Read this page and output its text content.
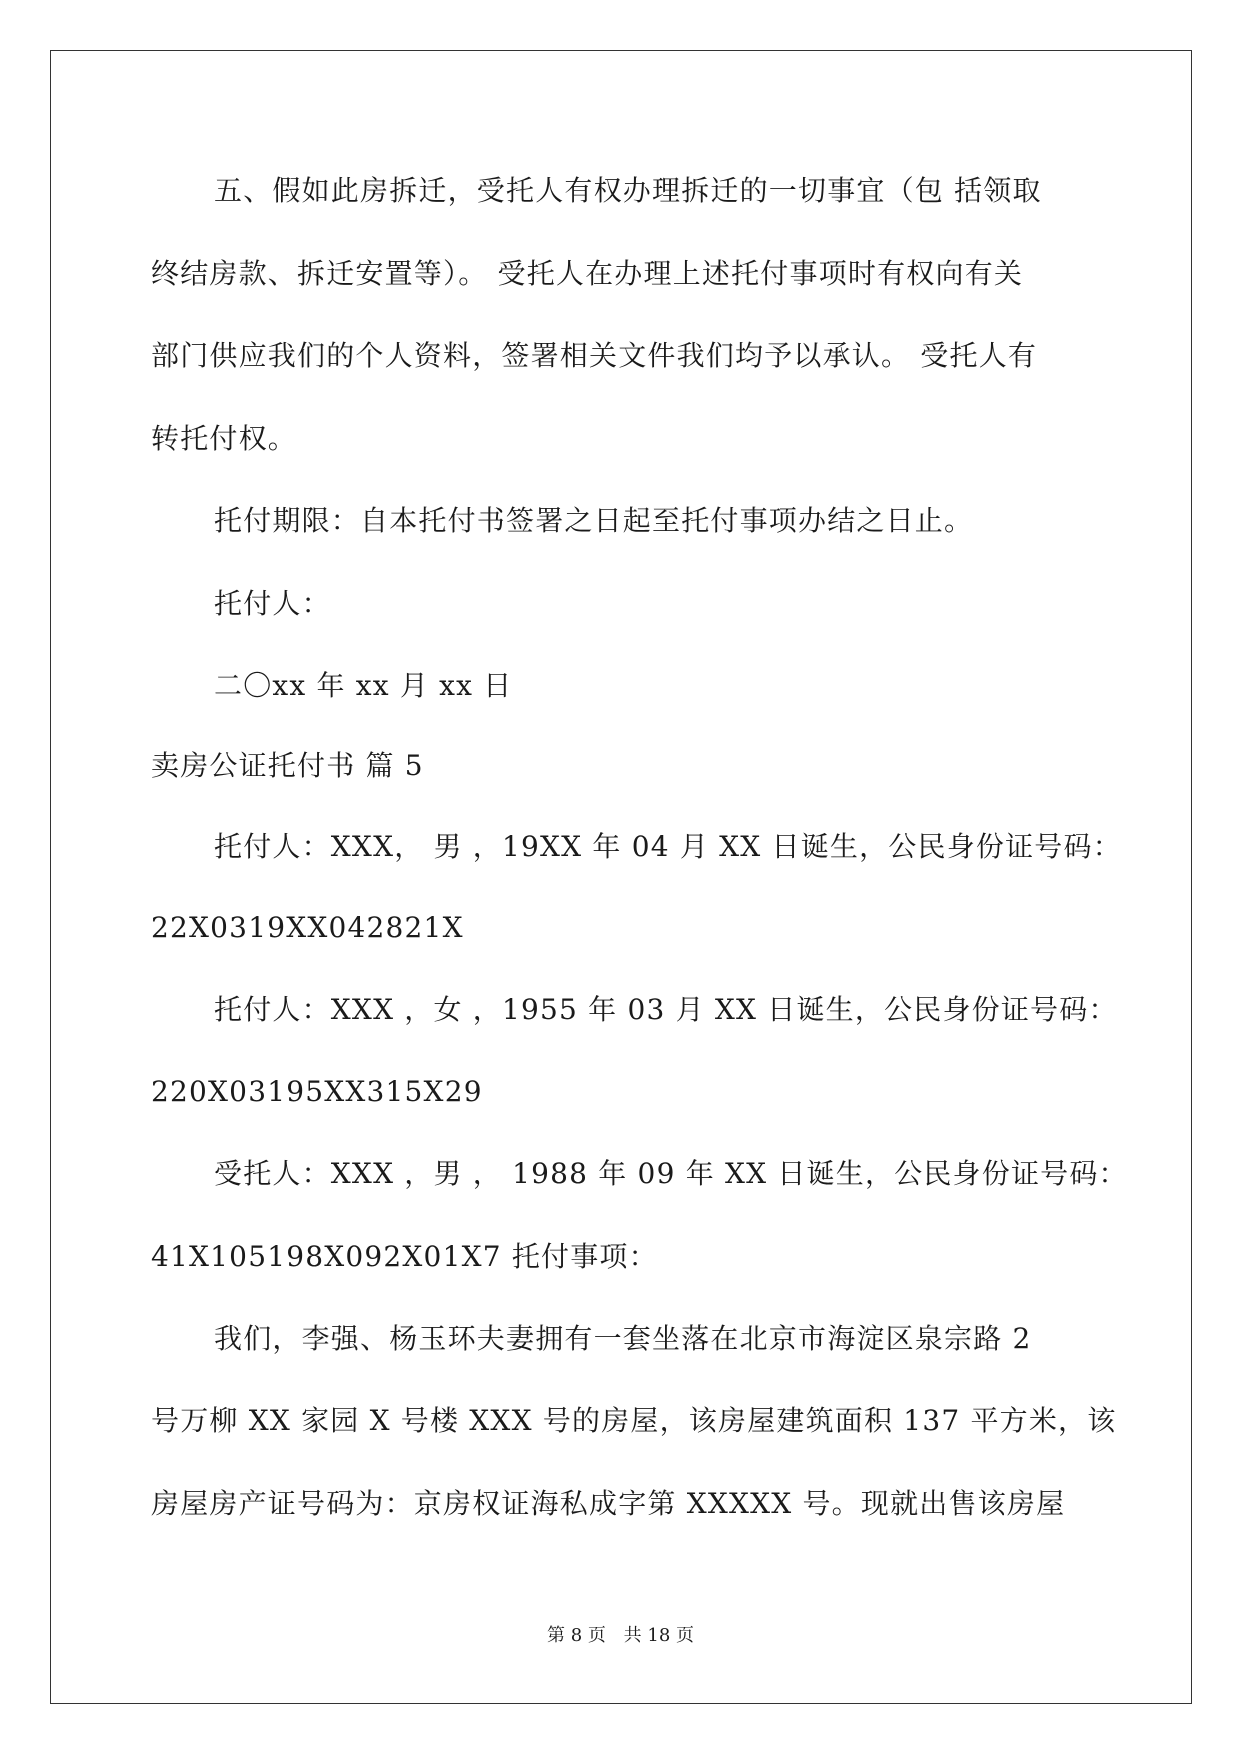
五、假如此房拆迁，受托人有权办理拆迁的一切事宜（包 括领取

终结房款、拆迁安置等）。 受托人在办理上述托付事项时有权向有关

部门供应我们的个人资料，签署相关文件我们均予以承认。 受托人有

转托付权。

托付期限：自本托付书签署之日起至托付事项办结之日止。

托付人：

二〇xx 年 xx 月 xx 日

卖房公证托付书 篇 5

托付人：XXX， 男 ，19XX 年 04 月 XX 日诞生，公民身份证号码：

22X0319XX042821X

托付人：XXX ，女 ，1955 年 03 月 XX 日诞生，公民身份证号码：

220X03195XX315X29

受托人：XXX ，男 ， 1988 年 09 年 XX 日诞生，公民身份证号码：

41X105198X092X01X7 托付事项：

我们，李强、杨玉环夫妻拥有一套坐落在北京市海淀区泉宗路 2

号万柳 XX 家园 X 号楼 XXX 号的房屋，该房屋建筑面积 137 平方米，该

房屋房产证号码为：京房权证海私成字第 XXXXX 号。现就出售该房屋

第 8 页 共 18 页
